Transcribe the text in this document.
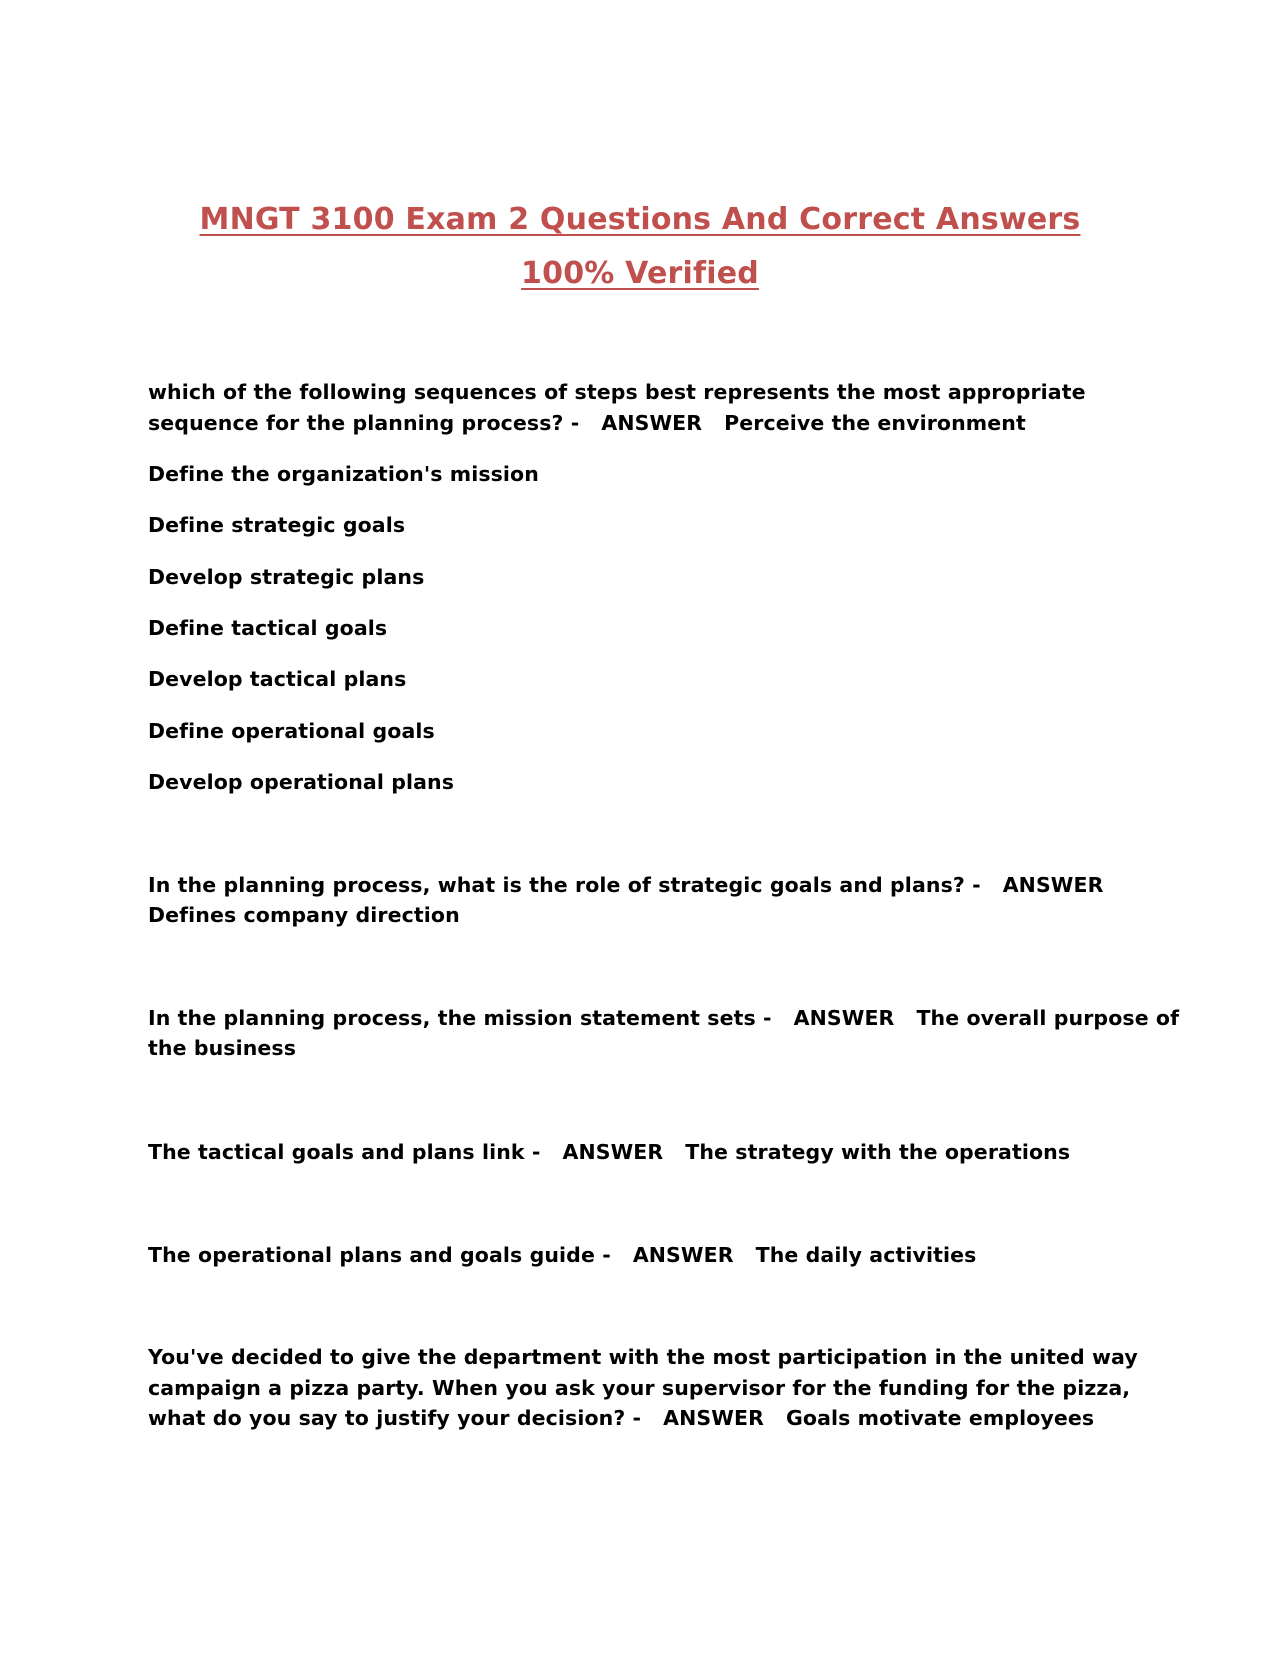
MNGT 3100 Exam 2 Questions And Correct Answers
100% Verified
which of the following sequences of steps best represents the most appropriate
sequence for the planning process? - ANSWER Perceive the environment
Define the organization's mission
Define strategic goals
Develop strategic plans
Define tactical goals
Develop tactical plans
Define operational goals
Develop operational plans
In the planning process, what is the role of strategic goals and plans? - ANSWER
Defines company direction
In the planning process, the mission statement sets - ANSWER The overall purpose of
the business
The tactical goals and plans link - ANSWER The strategy with the operations
The operational plans and goals guide - ANSWER The daily activities
You've decided to give the department with the most participation in the united way
campaign a pizza party. When you ask your supervisor for the funding for the pizza,
what do you say to justify your decision? - ANSWER Goals motivate employees
